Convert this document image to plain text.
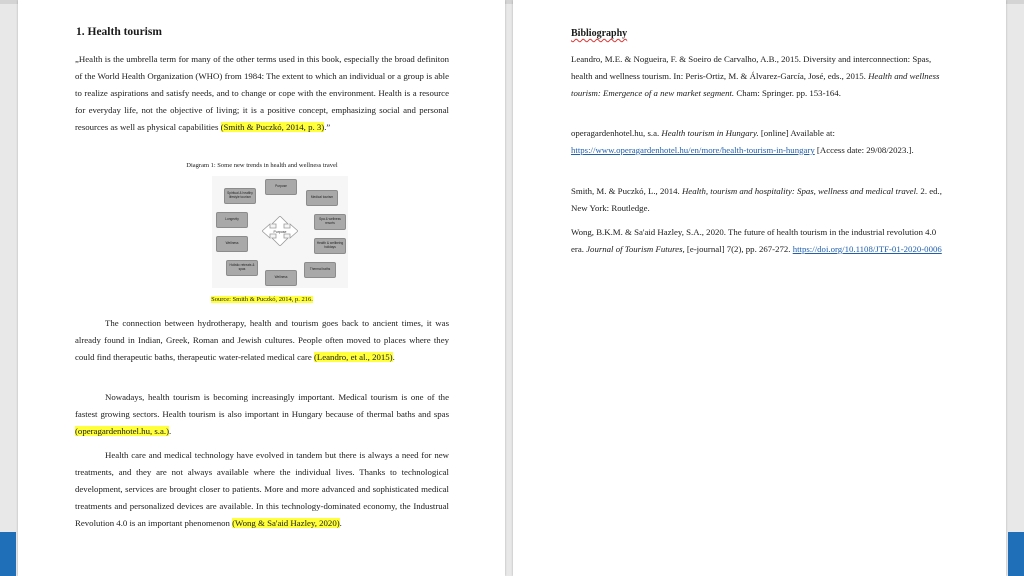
1. Health tourism

„Health is the umbrella term for many of the other terms used in this book, especially the broad definiton of the World Health Organization (WHO) from 1984: The extent to which an individual or a group is able to realize aspirations and satisfy needs, and to change or cope with the environment. Health is a resource for everyday life, not the objective of living; it is a positive concept, emphasizing social and personal resources as well as physical capabilities (Smith & Puczkó, 2014, p. 3).”

Diagram 1: Some new trends in health and wellness travel
Purpose
Medical tourism
Spa & wellness resorts
Health & wellbeing holidays
Thermal baths
Wellness
Holistic retreats & spas
Wellness
Longevity
Spiritual & healthy lifestyle tourism
Purpose
Source: Smith & Puczkó, 2014, p. 216.

The connection between hydrotherapy, health and tourism goes back to ancient times, it was already found in Indian, Greek, Roman and Jewish cultures. People often moved to places where they could find therapeutic baths, therapeutic water-related medical care (Leandro, et al., 2015).

Nowadays, health tourism is becoming increasingly important. Medical tourism is one of the fastest growing sectors. Health tourism is also important in Hungary because of thermal baths and spas (operagardenhotel.hu, s.a.).

Health care and medical technology have evolved in tandem but there is always a need for new treatments, and they are not always available where the individual lives. Thanks to technological development, services are brought closer to patients. More and more advanced and sophisticated medical treatments and personalized devices are available. In this technology-dominated economy, the Industrual Revolution 4.0 is an important phenomenon (Wong & Sa'aid Hazley, 2020).

Bibliography

Leandro, M.E. & Nogueira, F. & Soeiro de Carvalho, A.B., 2015. Diversity and interconnection: Spas, health and wellness tourism. In: Peris-Ortiz, M. & Álvarez-García, José, eds., 2015. Health and wellness tourism: Emergence of a new market segment. Cham: Springer. pp. 153-164.

operagardenhotel.hu, s.a. Health tourism in Hungary. [online] Available at: https://www.operagardenhotel.hu/en/more/health-tourism-in-hungary [Access date: 29/08/2023.].

Smith, M. & Puczkó, L., 2014. Health, tourism and hospitality: Spas, wellness and medical travel. 2. ed., New York: Routledge.

Wong, B.K.M. & Sa'aid Hazley, S.A., 2020. The future of health tourism in the industrial revolution 4.0 era. Journal of Tourism Futures, [e-journal] 7(2), pp. 267-272. https://doi.org/10.1108/JTF-01-2020-0006
